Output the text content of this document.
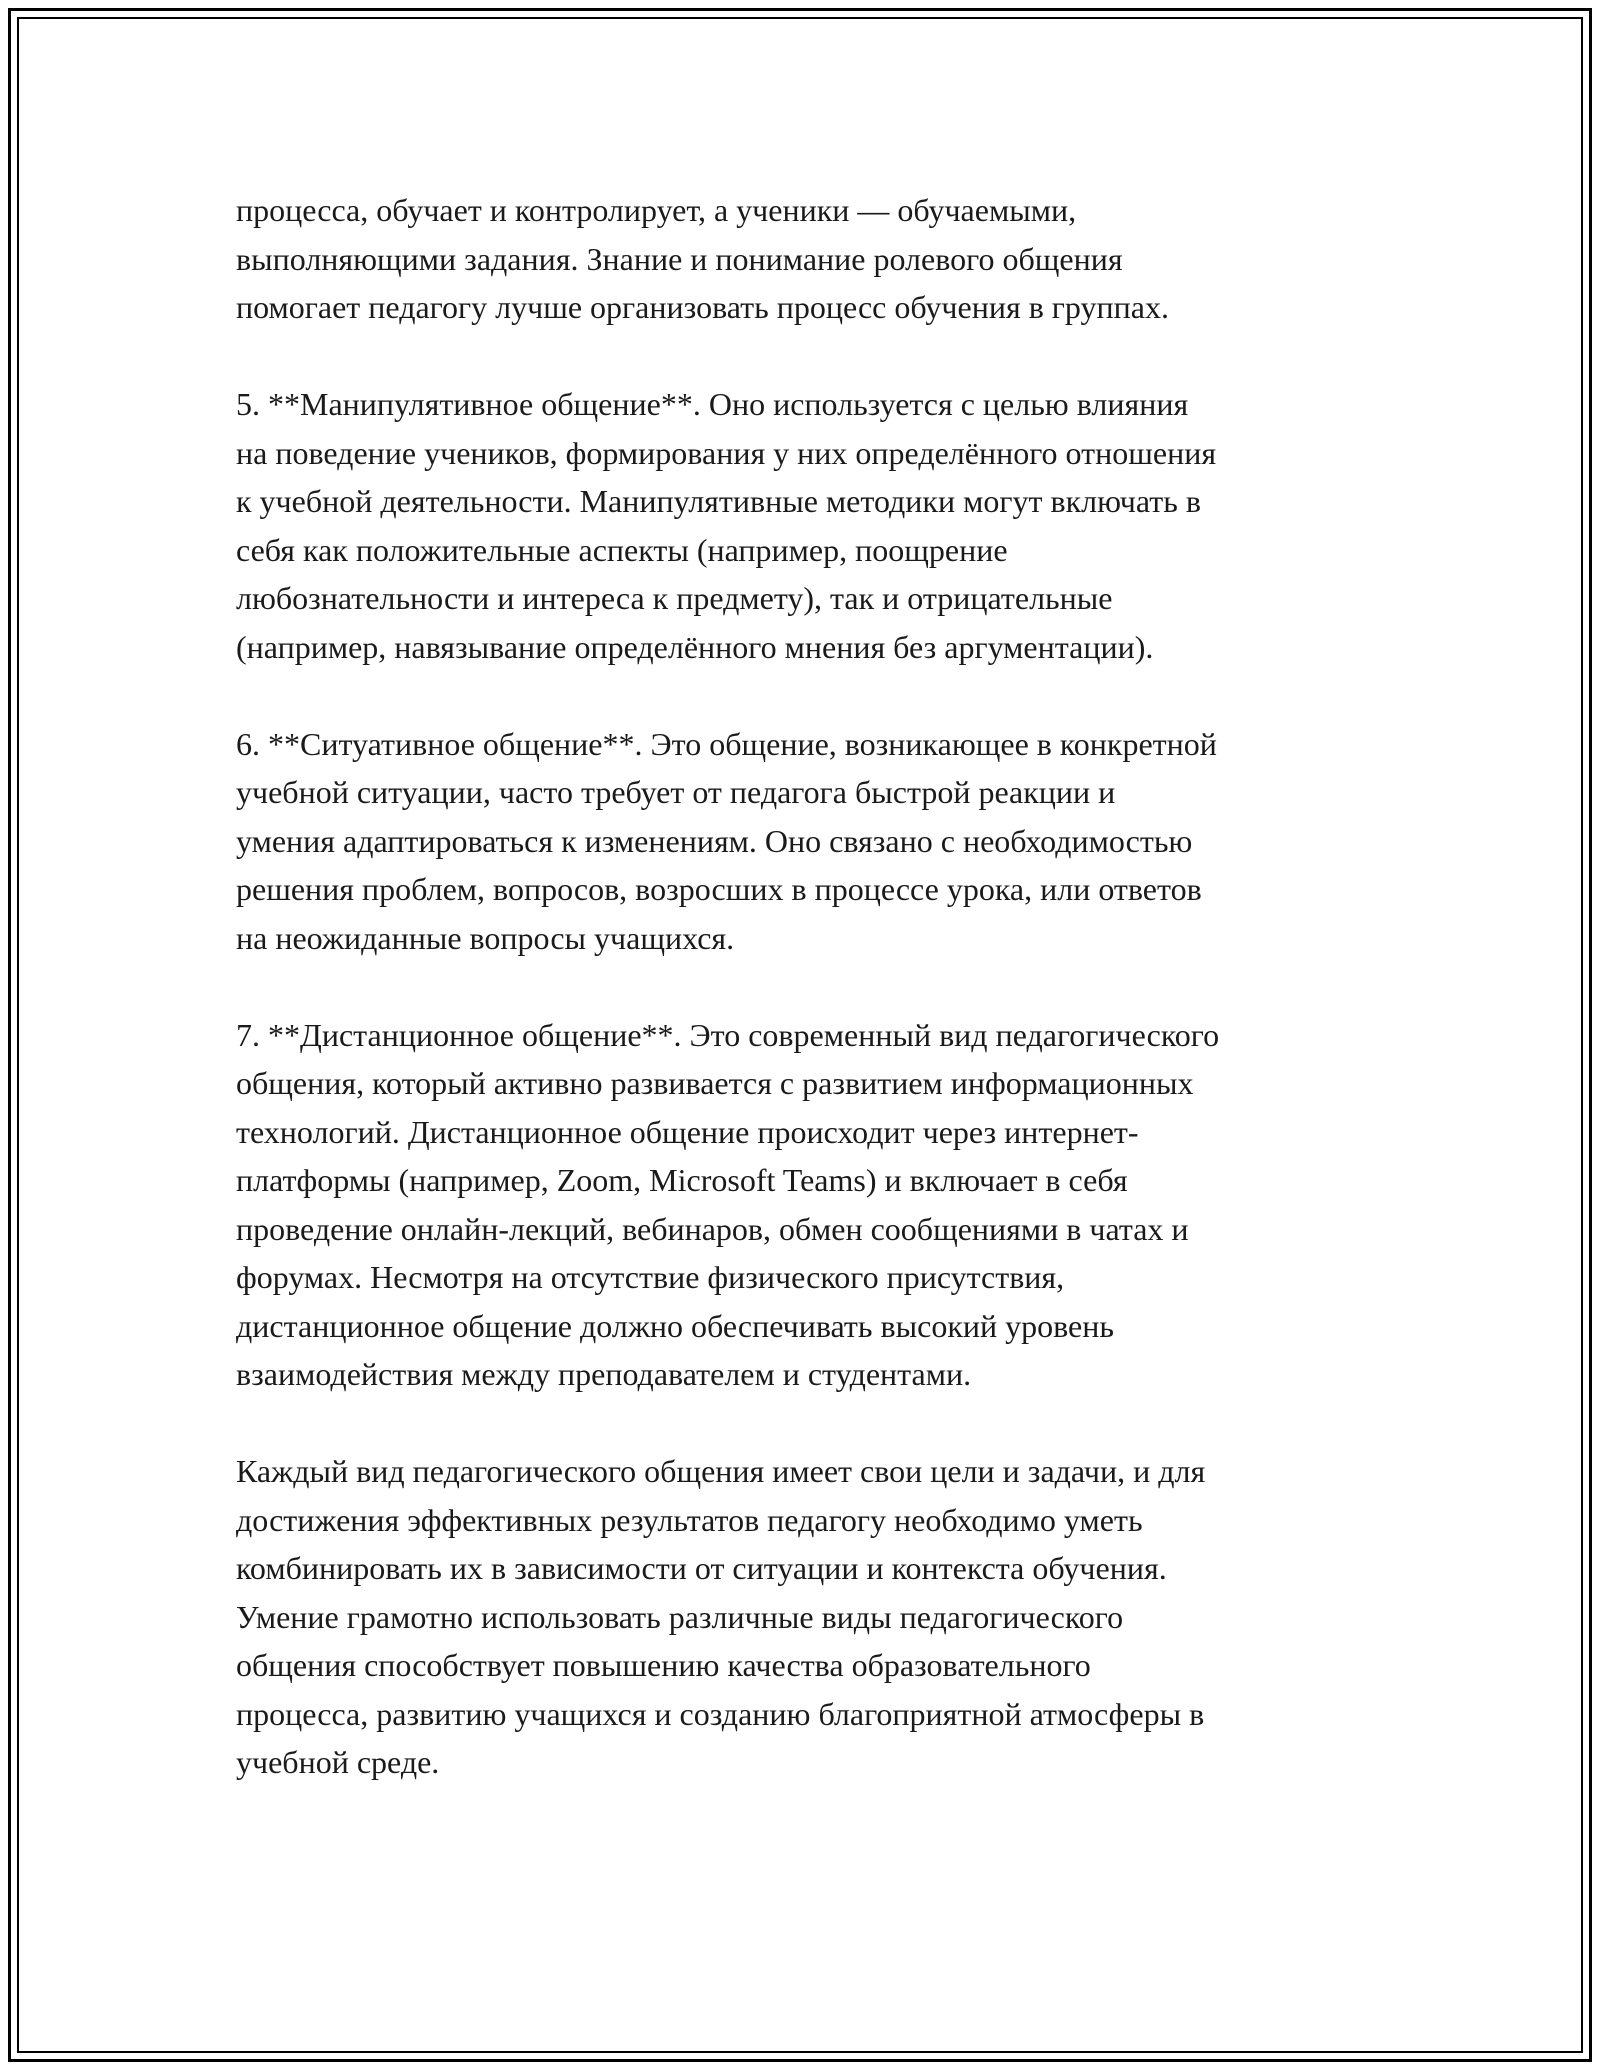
процесса, обучает и контролирует, а ученики — обучаемыми,
выполняющими задания. Знание и понимание ролевого общения
помогает педагогу лучше организовать процесс обучения в группах.

5. **Манипулятивное общение**. Оно используется с целью влияния
на поведение учеников, формирования у них определённого отношения
к учебной деятельности. Манипулятивные методики могут включать в
себя как положительные аспекты (например, поощрение
любознательности и интереса к предмету), так и отрицательные
(например, навязывание определённого мнения без аргументации).

6. **Ситуативное общение**. Это общение, возникающее в конкретной
учебной ситуации, часто требует от педагога быстрой реакции и
умения адаптироваться к изменениям. Оно связано с необходимостью
решения проблем, вопросов, возросших в процессе урока, или ответов
на неожиданные вопросы учащихся.

7. **Дистанционное общение**. Это современный вид педагогического
общения, который активно развивается с развитием информационных
технологий. Дистанционное общение происходит через интернет-
платформы (например, Zoom, Microsoft Teams) и включает в себя
проведение онлайн-лекций, вебинаров, обмен сообщениями в чатах и
форумах. Несмотря на отсутствие физического присутствия,
дистанционное общение должно обеспечивать высокий уровень
взаимодействия между преподавателем и студентами.

Каждый вид педагогического общения имеет свои цели и задачи, и для
достижения эффективных результатов педагогу необходимо уметь
комбинировать их в зависимости от ситуации и контекста обучения.
Умение грамотно использовать различные виды педагогического
общения способствует повышению качества образовательного
процесса, развитию учащихся и созданию благоприятной атмосферы в
учебной среде.
